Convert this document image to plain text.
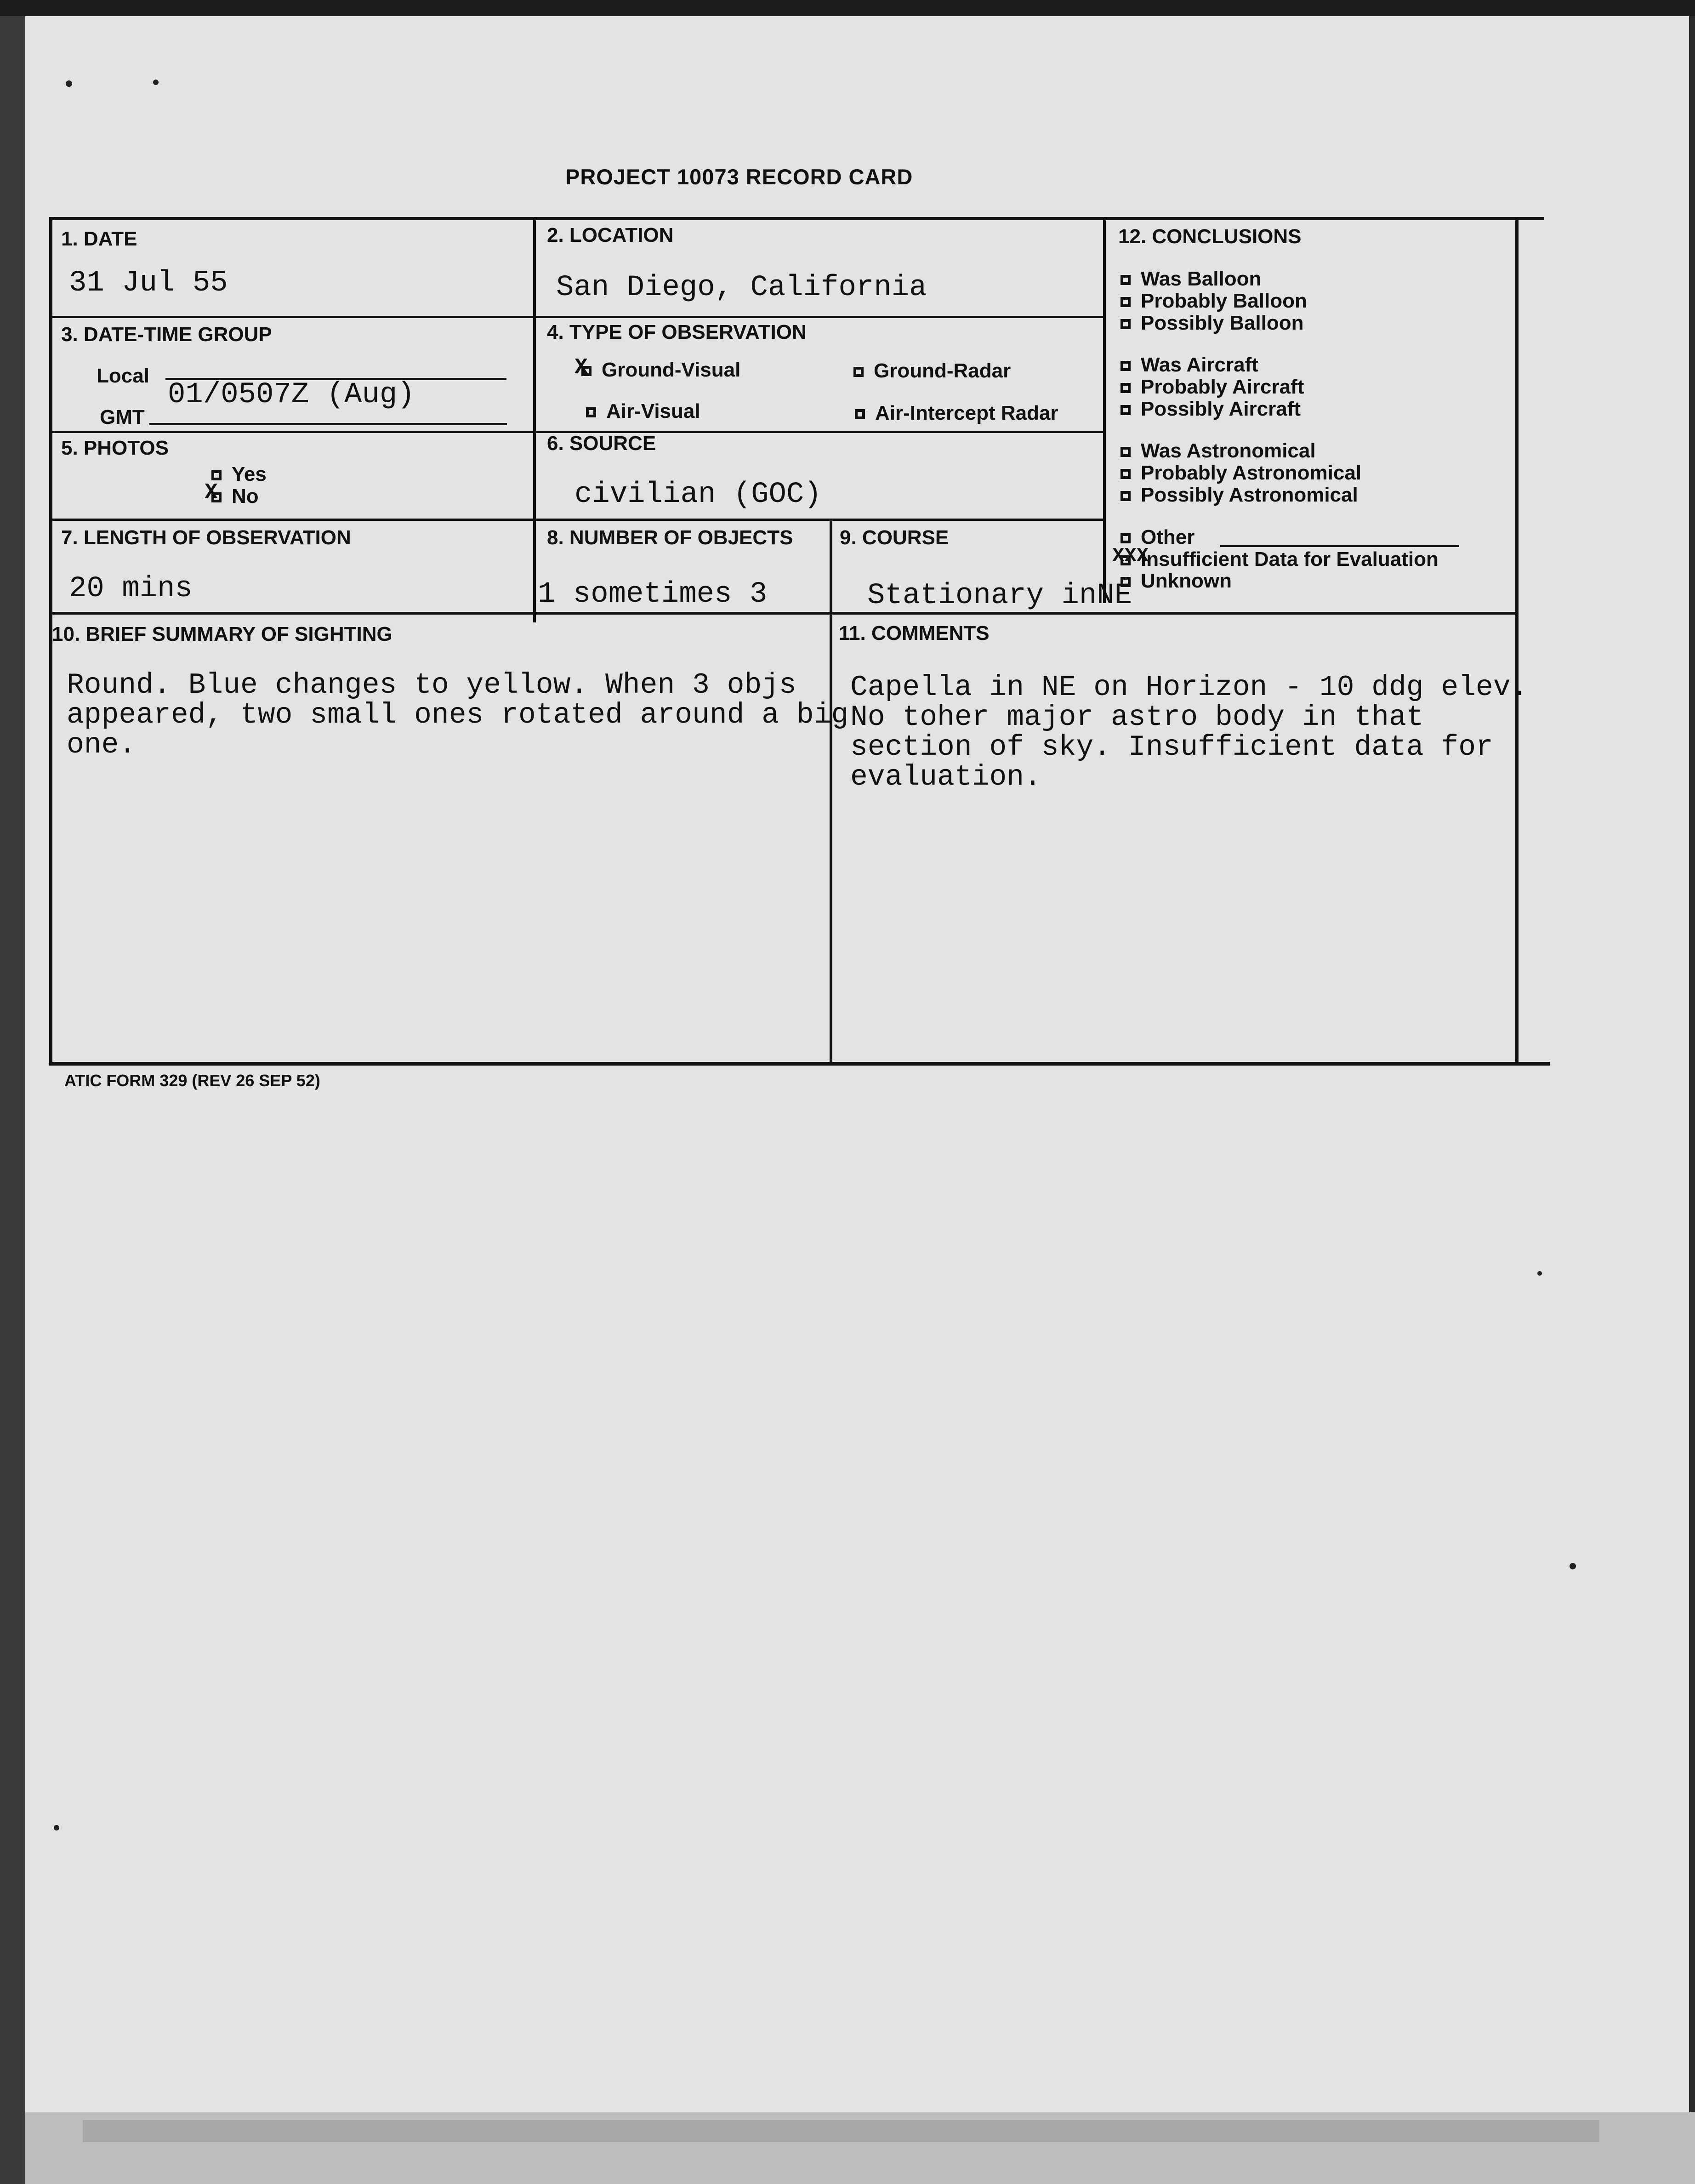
PROJECT 10073 RECORD CARD
1. DATE
31 Jul 55
2. LOCATION
San Diego, California
3. DATE-TIME GROUP
Local
GMT
01/0507Z (Aug)
4. TYPE OF OBSERVATION
X Ground-Visual	Ground-Radar
Air-Visual	Air-Intercept Radar
5. PHOTOS
Yes
X No
6. SOURCE
civilian (GOC)
7. LENGTH OF OBSERVATION
20 mins
8. NUMBER OF OBJECTS
1 sometimes 3
9. COURSE
Stationary inNE
10. BRIEF SUMMARY OF SIGHTING
Round. Blue changes to yellow. When 3 objs
appeared, two small ones rotated around a big
one.
11. COMMENTS
Capella in NE on Horizon - 10 ddg elev.
No toher major astro body in that
section of sky. Insufficient data for
evaluation.
12. CONCLUSIONS
Was Balloon
Probably Balloon
Possibly Balloon
Was Aircraft
Probably Aircraft
Possibly Aircraft
Was Astronomical
Probably Astronomical
Possibly Astronomical
Other
XXX
Insufficient Data for Evaluation
Unknown
ATIC FORM 329 (REV 26 SEP 52)
